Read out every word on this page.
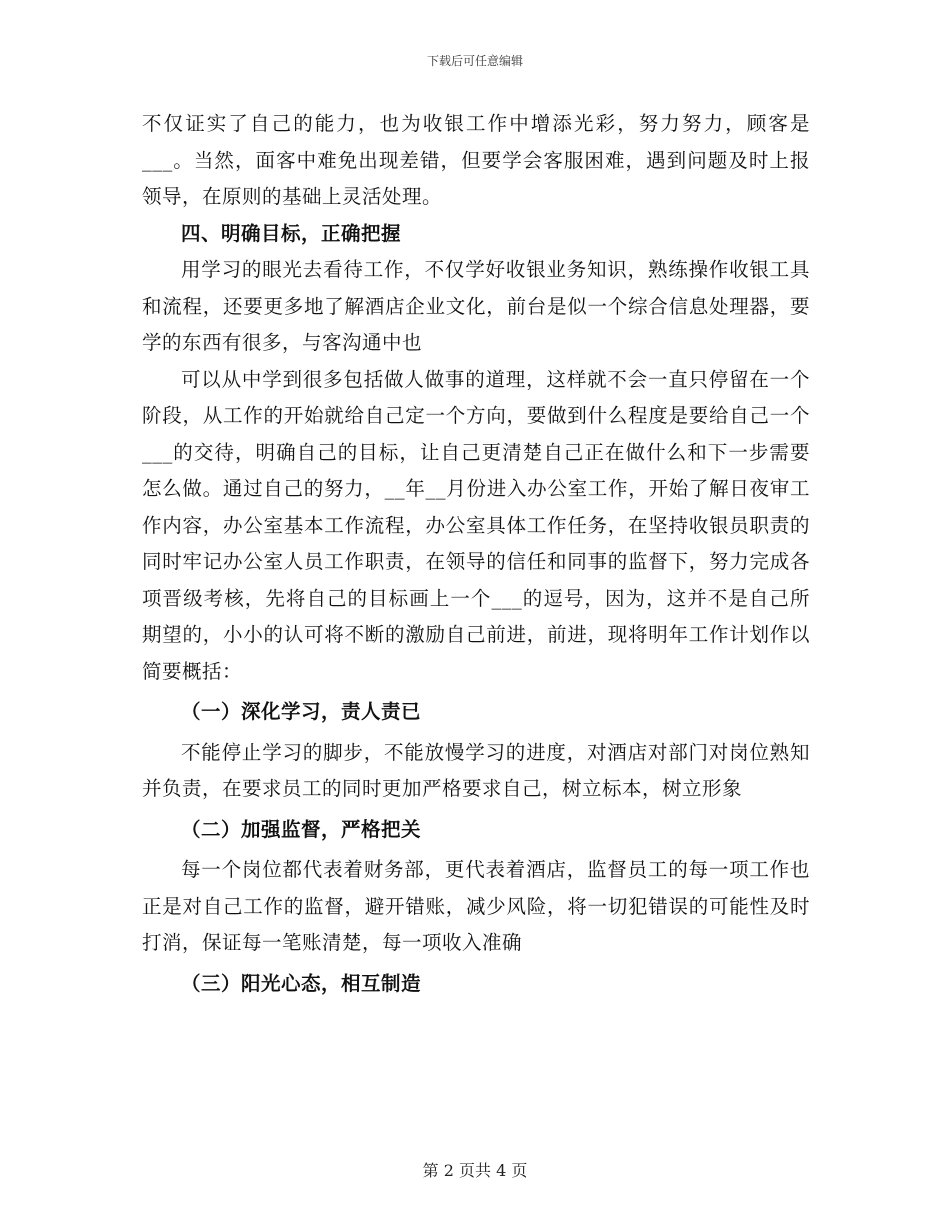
下载后可任意编辑

不仅证实了自己的能力，也为收银工作中增添光彩，努力努力，顾客是___。当然，面客中难免出现差错，但要学会客服困难，遇到问题及时上报领导，在原则的基础上灵活处理。

四、明确目标，正确把握

用学习的眼光去看待工作，不仅学好收银业务知识，熟练操作收银工具和流程，还要更多地了解酒店企业文化，前台是似一个综合信息处理器，要学的东西有很多，与客沟通中也

可以从中学到很多包括做人做事的道理，这样就不会一直只停留在一个阶段，从工作的开始就给自己定一个方向，要做到什么程度是要给自己一个___的交待，明确自己的目标，让自己更清楚自己正在做什么和下一步需要怎么做。通过自己的努力，__年__月份进入办公室工作，开始了解日夜审工作内容，办公室基本工作流程，办公室具体工作任务，在坚持收银员职责的同时牢记办公室人员工作职责，在领导的信任和同事的监督下，努力完成各项晋级考核，先将自己的目标画上一个___的逗号，因为，这并不是自己所期望的，小小的认可将不断的激励自己前进，前进，现将明年工作计划作以简要概括：

（一）深化学习，责人责已

不能停止学习的脚步，不能放慢学习的进度，对酒店对部门对岗位熟知并负责，在要求员工的同时更加严格要求自己，树立标本，树立形象

（二）加强监督，严格把关

每一个岗位都代表着财务部，更代表着酒店，监督员工的每一项工作也正是对自己工作的监督，避开错账，减少风险，将一切犯错误的可能性及时打消，保证每一笔账清楚，每一项收入准确

（三）阳光心态，相互制造

第 2 页共 4 页
